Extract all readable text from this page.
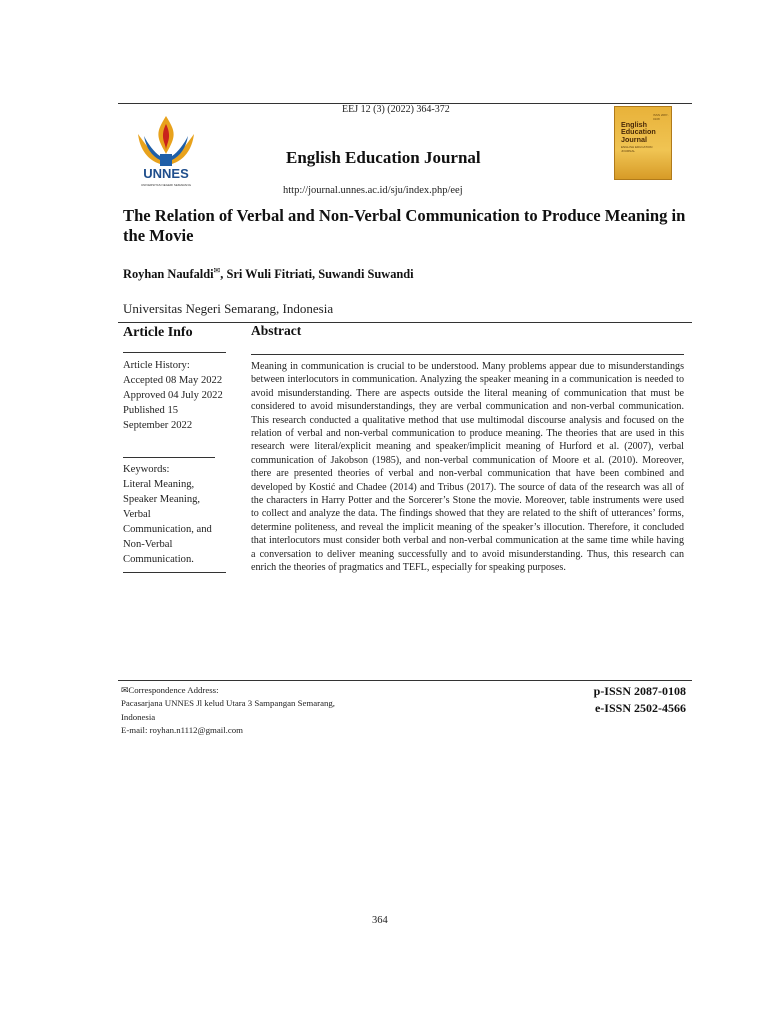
EEJ 12 (3) (2022) 364-372
UNNES
UNIVERSITAS NEGERI SEMARANG
English Education Journal
http://journal.unnes.ac.id/sju/index.php/eej
ISSN 2087-0108
English
Education
Journal
ENGLISH EDUCATION JOURNAL
The Relation of Verbal and Non-Verbal Communication to Produce Meaning in the Movie
Royhan Naufaldi✉, Sri Wuli Fitriati, Suwandi Suwandi
Universitas Negeri Semarang, Indonesia
Article Info
Article History:
Accepted 08 May 2022
Approved 04 July 2022
Published 15
September 2022
Keywords:
Literal Meaning,
Speaker Meaning,
Verbal
Communication, and
Non-Verbal
Communication.
Abstract
Meaning in communication is crucial to be understood. Many problems appear due to misunderstandings between interlocutors in communication. Analyzing the speaker meaning in a communication is needed to avoid misunderstanding. There are aspects outside the literal meaning of communication that must be considered to avoid misunderstandings, they are verbal communication and non-verbal communication. This research conducted a qualitative method that use multimodal discourse analysis and focused on the relation of verbal and non-verbal communication to produce meaning. The theories that are used in this research were literal/explicit meaning and speaker/implicit meaning of Hurford et al. (2007), verbal communication of Jakobson (1985), and non-verbal communication of Moore et al. (2010). Moreover, there are presented theories of verbal and non-verbal communication that have been combined and developed by Kostić and Chadee (2014) and Tribus (2017). The source of data of the research was all of the characters in Harry Potter and the Sorcerer’s Stone the movie. Moreover, table instruments were used to collect and analyze the data. The findings showed that they are related to the shift of utterances’ forms, determine politeness, and reveal the implicit meaning of the speaker’s illocution. Therefore, it concluded that interlocutors must consider both verbal and non-verbal communication at the same time while having a conversation to deliver meaning successfully and to avoid misunderstanding. Thus, this research can enrich the theories of pragmatics and TEFL, especially for speaking purposes.
✉Correspondence Address:
Pacasarjana UNNES Jl kelud Utara 3 Sampangan Semarang,
Indonesia
E-mail: royhan.n1112@gmail.com
p-ISSN 2087-0108
e-ISSN 2502-4566
364
